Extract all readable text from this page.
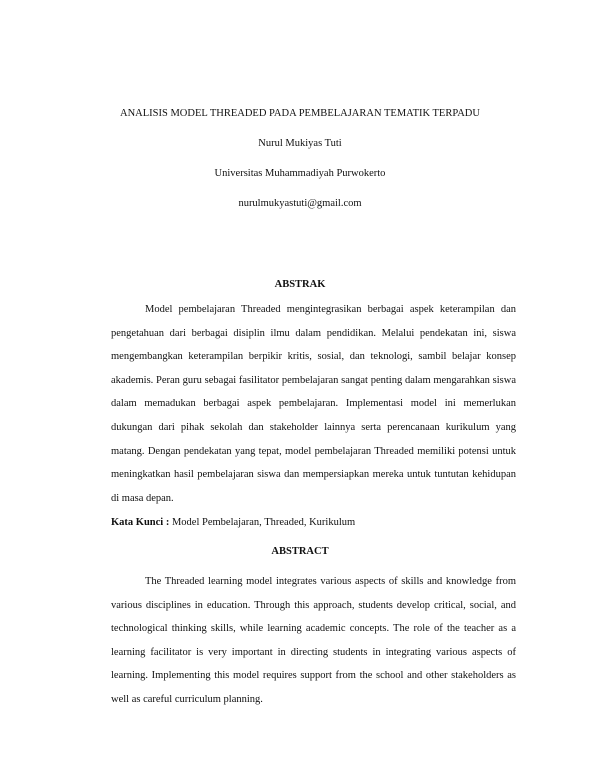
ANALISIS MODEL THREADED PADA PEMBELAJARAN TEMATIK TERPADU
Nurul Mukiyas Tuti
Universitas Muhammadiyah Purwokerto
nurulmukyastuti@gmail.com
ABSTRAK

Model pembelajaran Threaded mengintegrasikan berbagai aspek keterampilan dan pengetahuan dari berbagai disiplin ilmu dalam pendidikan. Melalui pendekatan ini, siswa mengembangkan keterampilan berpikir kritis, sosial, dan teknologi, sambil belajar konsep akademis. Peran guru sebagai fasilitator pembelajaran sangat penting dalam mengarahkan siswa dalam memadukan berbagai aspek pembelajaran. Implementasi model ini memerlukan dukungan dari pihak sekolah dan stakeholder lainnya serta perencanaan kurikulum yang matang. Dengan pendekatan yang tepat, model pembelajaran Threaded memiliki potensi untuk meningkatkan hasil pembelajaran siswa dan mempersiapkan mereka untuk tuntutan kehidupan di masa depan.

Kata Kunci : Model Pembelajaran, Threaded, Kurikulum
ABSTRACT

The Threaded learning model integrates various aspects of skills and knowledge from various disciplines in education. Through this approach, students develop critical, social, and technological thinking skills, while learning academic concepts. The role of the teacher as a learning facilitator is very important in directing students in integrating various aspects of learning. Implementing this model requires support from the school and other stakeholders as well as careful curriculum planning.
